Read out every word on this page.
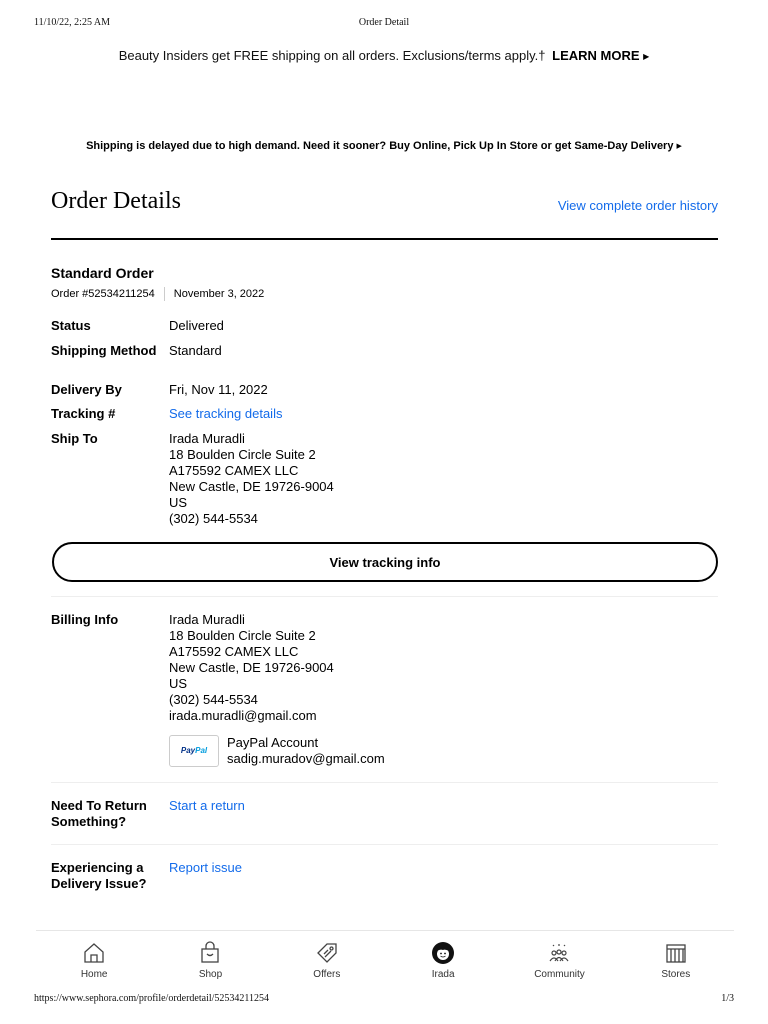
11/10/22, 2:25 AM	Order Detail
Beauty Insiders get FREE shipping on all orders. Exclusions/terms apply.† LEARN MORE ▶
Shipping is delayed due to high demand. Need it sooner? Buy Online, Pick Up In Store or get Same-Day Delivery ▶
Order Details	View complete order history
Standard Order
Order #52534211254 November 3, 2022
Status	Delivered
Shipping Method Standard
Delivery By	Fri, Nov 11, 2022
Tracking #	See tracking details
Ship To	Irada Muradli
18 Boulden Circle Suite 2
A175592 CAMEX LLC
New Castle, DE 19726-9004
US
(302) 544-5534
View tracking info
Billing Info	Irada Muradli
18 Boulden Circle Suite 2
A175592 CAMEX LLC
New Castle, DE 19726-9004
US
(302) 544-5534
irada.muradli@gmail.com
Pay Pal
PayPal Account
sadig.muradov@gmail.com
Need To Return Something?
Start a return
Experiencing a Delivery Issue?
Report issue
Home	Shop	Offers	Irada	Community	Stores
https://www.sephora.com/profile/orderdetail/52534211254	1/3
